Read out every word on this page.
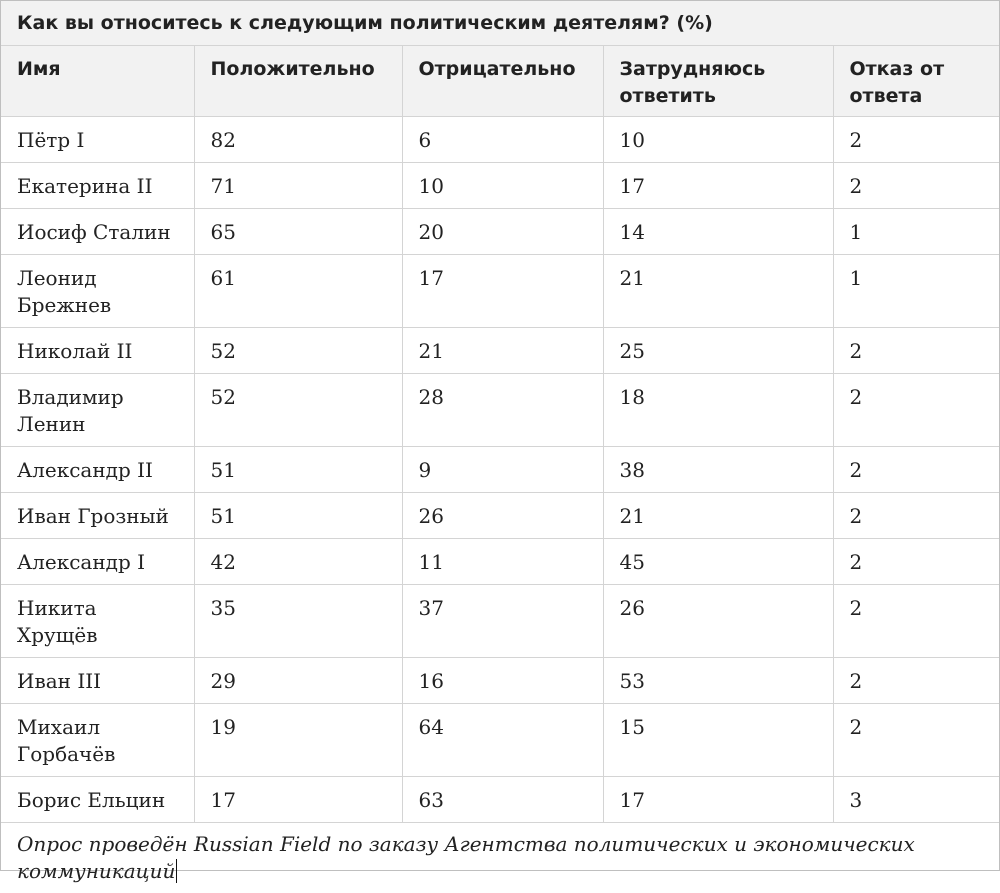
Как вы относитесь к следующим политическим деятелям? (%)				
Имя	Положительно	Отрицательно	Затрудняюсь ответить	Отказ от ответа
Пётр I	82	6	10	2
Екатерина II	71	10	17	2
Иосиф Сталин	65	20	14	1
Леонид Брежнев	61	17	21	1
Николай II	52	21	25	2
Владимир Ленин	52	28	18	2
Александр II	51	9	38	2
Иван Грозный	51	26	21	2
Александр I	42	11	45	2
Никита Хрущёв	35	37	26	2
Иван III	29	16	53	2
Михаил Горбачёв	19	64	15	2
Борис Ельцин	17	63	17	3
Опрос проведён Russian Field по заказу Агентства политических и экономических коммуникаций				
